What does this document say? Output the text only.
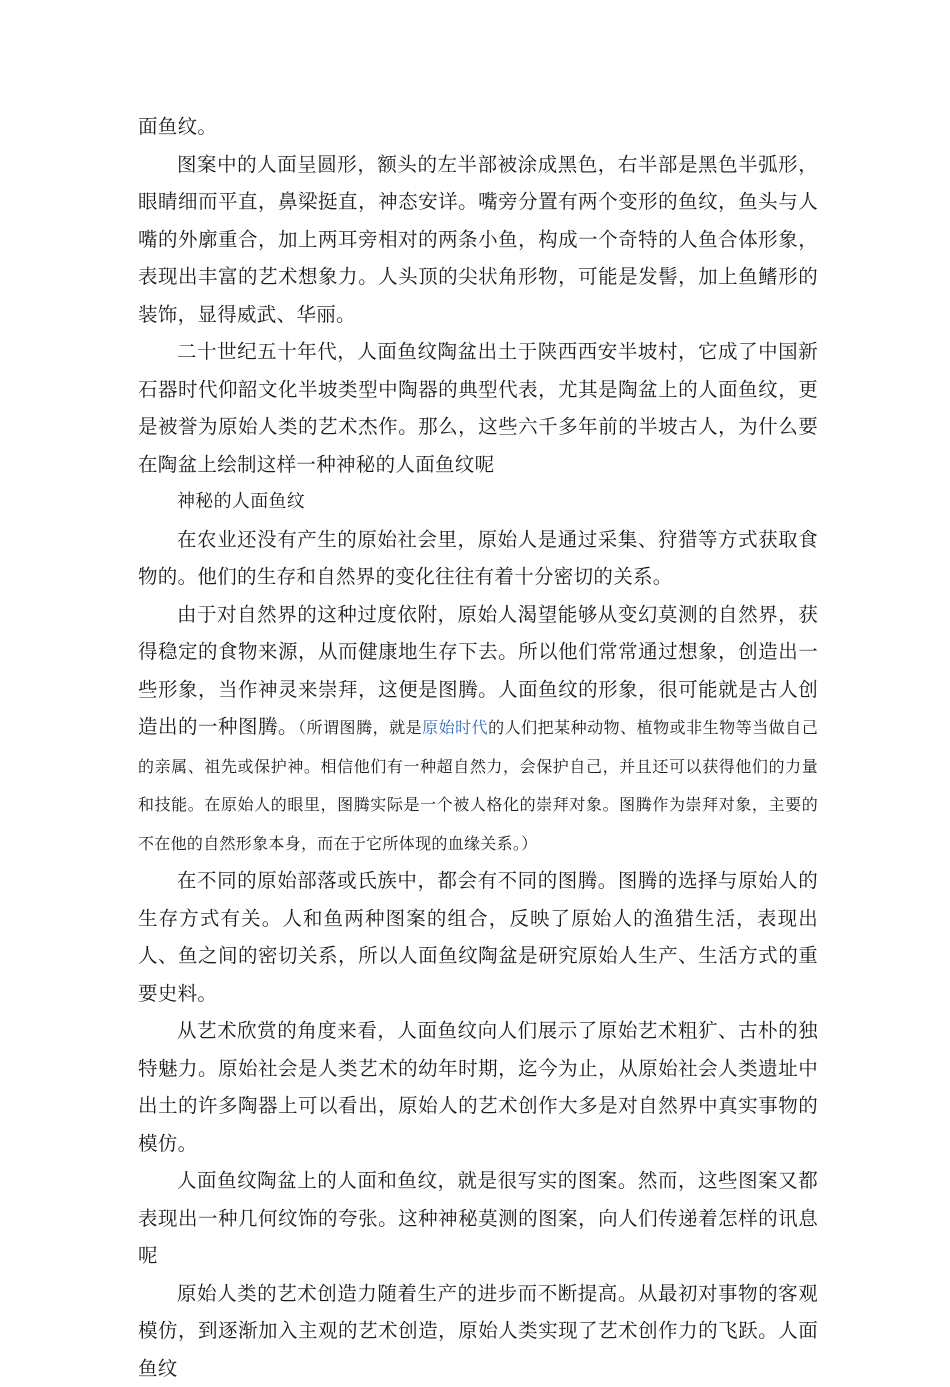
面鱼纹。

图案中的人面呈圆形，额头的左半部被涂成黑色，右半部是黑色半弧形，眼睛细而平直，鼻梁挺直，神态安详。嘴旁分置有两个变形的鱼纹，鱼头与人嘴的外廓重合，加上两耳旁相对的两条小鱼，构成一个奇特的人鱼合体形象，表现出丰富的艺术想象力。人头顶的尖状角形物，可能是发髻，加上鱼鳍形的装饰，显得威武、华丽。

二十世纪五十年代，人面鱼纹陶盆出土于陕西西安半坡村，它成了中国新石器时代仰韶文化半坡类型中陶器的典型代表，尤其是陶盆上的人面鱼纹，更是被誉为原始人类的艺术杰作。那么，这些六千多年前的半坡古人，为什么要在陶盆上绘制这样一种神秘的人面鱼纹呢

神秘的人面鱼纹

在农业还没有产生的原始社会里，原始人是通过采集、狩猎等方式获取食物的。他们的生存和自然界的变化往往有着十分密切的关系。

由于对自然界的这种过度依附，原始人渴望能够从变幻莫测的自然界，获得稳定的食物来源，从而健康地生存下去。所以他们常常通过想象，创造出一些形象，当作神灵来崇拜，这便是图腾。人面鱼纹的形象，很可能就是古人创造出的一种图腾。（所谓图腾，就是原始时代的人们把某种动物、植物或非生物等当做自己的亲属、祖先或保护神。相信他们有一种超自然力，会保护自己，并且还可以获得他们的力量和技能。在原始人的眼里，图腾实际是一个被人格化的崇拜对象。图腾作为崇拜对象，主要的不在他的自然形象本身，而在于它所体现的血缘关系。）

在不同的原始部落或氏族中，都会有不同的图腾。图腾的选择与原始人的生存方式有关。人和鱼两种图案的组合，反映了原始人的渔猎生活，表现出人、鱼之间的密切关系，所以人面鱼纹陶盆是研究原始人生产、生活方式的重要史料。

从艺术欣赏的角度来看，人面鱼纹向人们展示了原始艺术粗犷、古朴的独特魅力。原始社会是人类艺术的幼年时期，迄今为止，从原始社会人类遗址中出土的许多陶器上可以看出，原始人的艺术创作大多是对自然界中真实事物的模仿。

人面鱼纹陶盆上的人面和鱼纹，就是很写实的图案。然而，这些图案又都表现出一种几何纹饰的夸张。这种神秘莫测的图案，向人们传递着怎样的讯息呢

原始人类的艺术创造力随着生产的进步而不断提高。从最初对事物的客观模仿，到逐渐加入主观的艺术创造，原始人类实现了艺术创作力的飞跃。人面鱼纹
